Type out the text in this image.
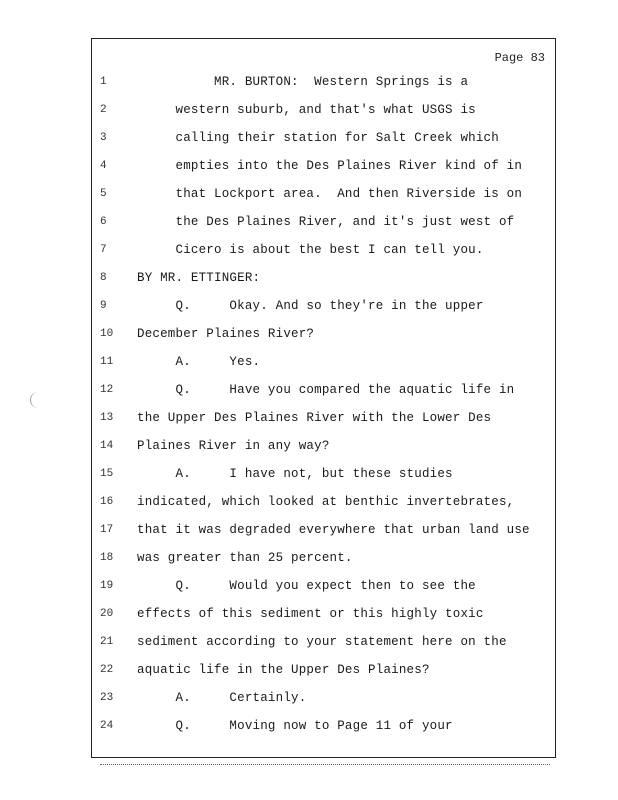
Page 83
1	MR. BURTON:  Western Springs is a
2	western suburb, and that's what USGS is
3	calling their station for Salt Creek which
4	empties into the Des Plaines River kind of in
5	that Lockport area.  And then Riverside is on
6	the Des Plaines River, and it's just west of
7	Cicero is about the best I can tell you.
8	BY MR. ETTINGER:
9	Q.     Okay. And so they're in the upper
10	December Plaines River?
11	A.     Yes.
12	Q.     Have you compared the aquatic life in
13	the Upper Des Plaines River with the Lower Des
14	Plaines River in any way?
15	A.     I have not, but these studies
16	indicated, which looked at benthic invertebrates,
17	that it was degraded everywhere that urban land use
18	was greater than 25 percent.
19	Q.     Would you expect then to see the
20	effects of this sediment or this highly toxic
21	sediment according to your statement here on the
22	aquatic life in the Upper Des Plaines?
23	A.     Certainly.
24	Q.     Moving now to Page 11 of your
